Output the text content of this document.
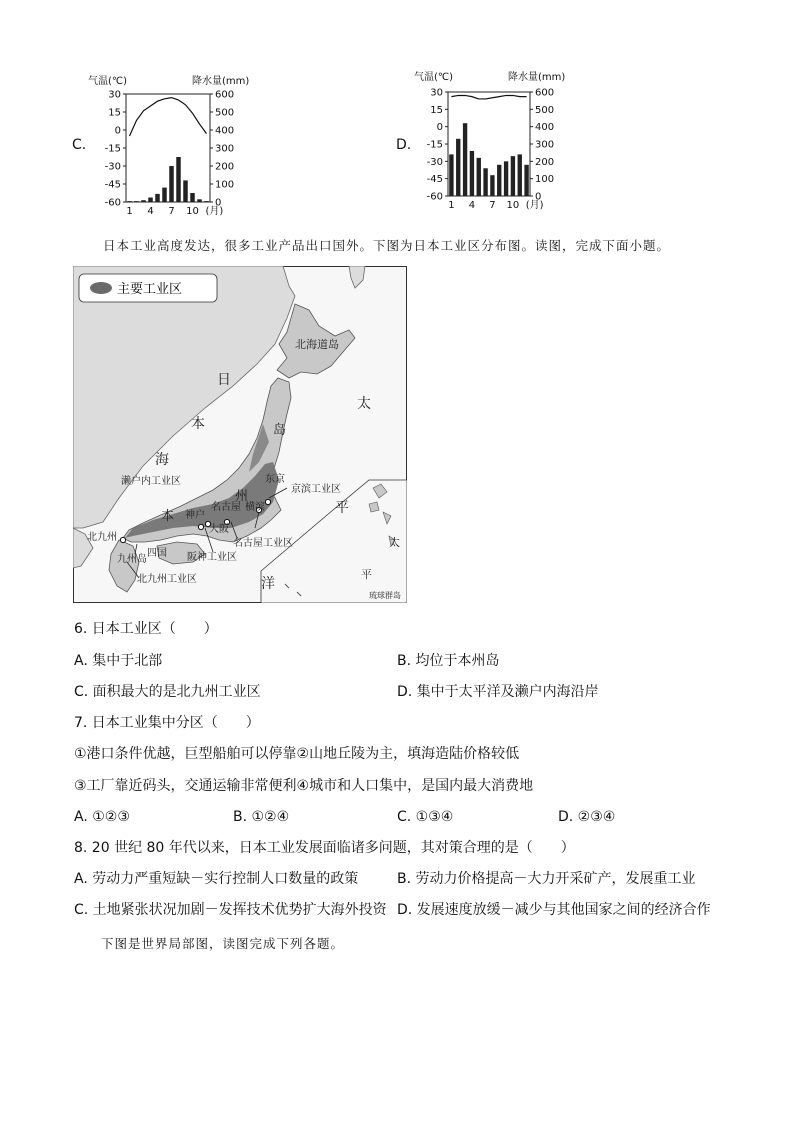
C.
气温(℃)	降水量(mm)
30
15
0
-15
-30
-45
-60
600
500
400
300
200
100
0
1 4 7 10 (月)
D.
气温(℃)	降水量(mm)
30
15
0
-15
-30
-45
-60
600
500
400
300
200
100
0
1 4 7 10 (月)
日本工业高度发达，很多工业产品出口国外。下图为日本工业区分布图。读图，完成下面小题。
主要工业区
北海道岛
日
本
海
太
平
洋
太
平
本
州
岛
濑户内工业区	东京
京滨工业区
名古屋 横滨
神户
大阪
名古屋工业区
阪神工业区
北九州
九州岛
四国
北九州工业区
琉球群岛
6. 日本工业区（　　）
A. 集中于北部	B. 均位于本州岛
C. 面积最大的是北九州工业区	D. 集中于太平洋及濑户内海沿岸
7. 日本工业集中分区（　　）
①港口条件优越，巨型船舶可以停靠②山地丘陵为主，填海造陆价格较低
③工厂靠近码头，交通运输非常便利④城市和人口集中，是国内最大消费地
A. ①②③	B. ①②④	C. ①③④	D. ②③④
8. 20 世纪 80 年代以来，日本工业发展面临诸多问题，其对策合理的是（　　）
A. 劳动力严重短缺－实行控制人口数量的政策	B. 劳动力价格提高－大力开采矿产，发展重工业
C. 土地紧张状况加剧－发挥技术优势扩大海外投资 D. 发展速度放缓－减少与其他国家之间的经济合作
下图是世界局部图，读图完成下列各题。
